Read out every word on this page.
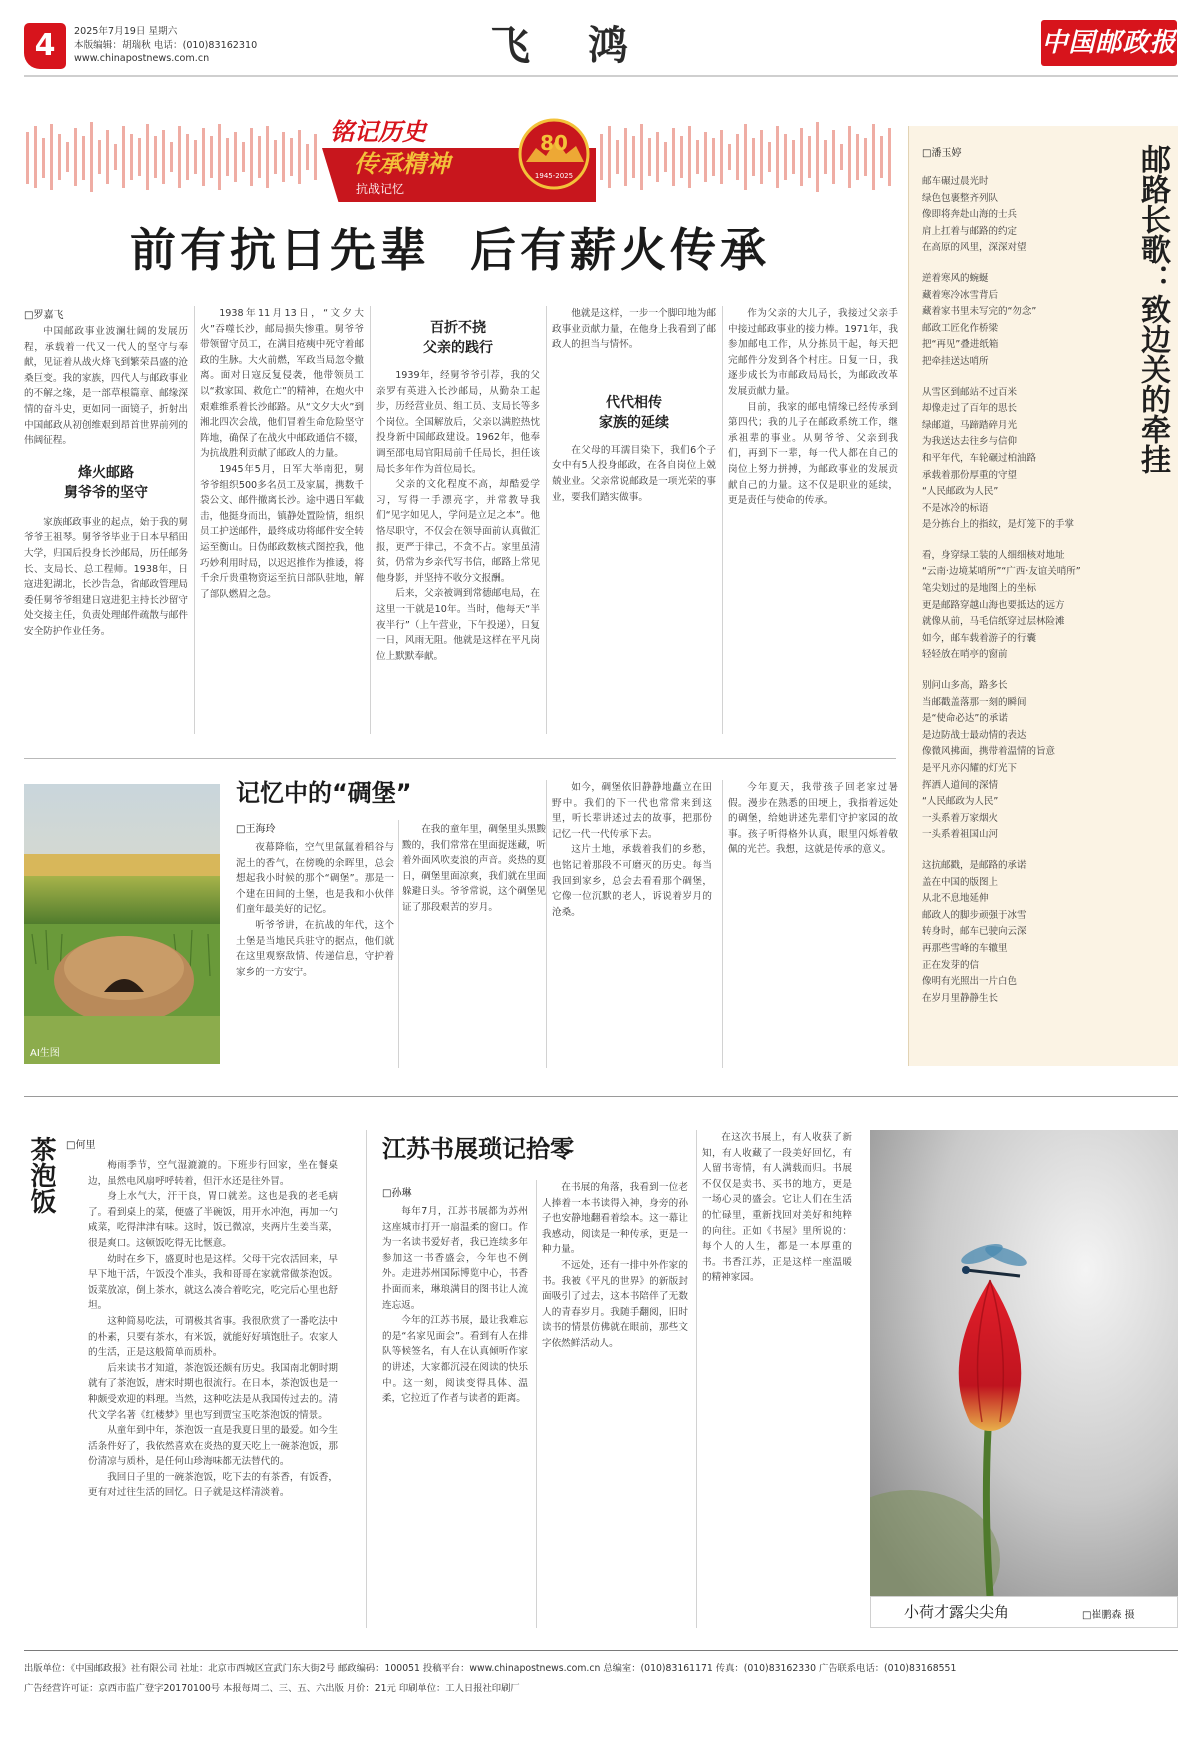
4	2025年7月19日 星期六
本版编辑：胡瑞秋 电话：(010)83162310
www.chinapostnews.com.cn	飞 鸿	中国邮政报
铭记历史
传承精神
抗战记忆
80
1945-2025
前有抗日先辈  后有薪火传承
□罗嘉飞

中国邮政事业波澜壮阔的发展历程，承载着一代又一代人的坚守与奉献，见证着从战火烽飞到繁荣昌盛的沧桑巨变。我的家族，四代人与邮政事业的不解之缘，是一部草根篇章、邮缘深情的奋斗史，更如同一面镜子，折射出中国邮政从初创维艰到昂首世界前列的伟阔征程。

烽火邮路
舅爷爷的坚守

家族邮政事业的起点，始于我的舅爷爷王祖琴。舅爷爷毕业于日本早稻田大学，归国后投身长沙邮局，历任邮务长、支局长、总工程师。1938年，日寇进犯湖北，长沙告急，省邮政管理局委任舅爷爷组建日寇进犯主持长沙留守处交接主任，负责处理邮件疏散与邮件安全防护作业任务。

1938年11月13日，“文夕大火”吞噬长沙，邮局损失惨重。舅爷爷带领留守员工，在满目疮痍中死守着邮政的生脉。大火前燃，军政当局忽令撤离。面对日寇反复侵袭，他带领员工以“救家国、救危亡”的精神，在炮火中艰难维系着长沙邮路。从“文夕大火”到湘北四次会战，他们冒着生命危险坚守阵地，确保了在战火中邮政通信不辍，为抗战胜利贡献了邮政人的力量。

1945年5月，日军大举南犯，舅爷爷组织500多名员工及家属，携数千袋公文、邮件撤离长沙。途中遇日军截击，他挺身而出，镇静处置险情，组织员工护送邮件，最终成功将邮件安全转运至衡山。日伪邮政数核式图控我，他巧妙利用时局，以迟迟推作为推诿，将千余斤贵重物资运至抗日部队驻地，解了部队燃眉之急。

百折不挠
父亲的践行

1939年，经舅爷爷引荐，我的父亲罗有英进入长沙邮局，从勤杂工起步，历经营业员、组工员、支局长等多个岗位。全国解放后，父亲以满腔热忱投身新中国邮政建设。1962年，他奉调至邵电局官阳局前千任局长，担任该局长多年作为首位局长。

父亲的文化程度不高，却酷爱学习，写得一手漂亮字，并常教导我们“见字如见人，学问是立足之本”。他恪尽职守，不仅会在领导面前认真做汇报，更严于律己，不贪不占。家里虽清贫，仍常为乡亲代写书信，邮路上常见他身影，并坚持不收分文报酬。

后来，父亲被调到常德邮电局，在这里一干就是10年。当时，他每天“半夜半行”（上午营业，下午投递），日复一日，风雨无阻。他就是这样在平凡岗位上默默奉献。

他就是这样，一步一个脚印地为邮政事业贡献力量，在他身上我看到了邮政人的担当与情怀。

代代相传
家族的延续

在父母的耳濡目染下，我们6个子女中有5人投身邮政，在各自岗位上兢兢业业。父亲常说邮政是一项光荣的事业，要我们踏实做事。

作为父亲的大儿子，我接过父亲手中接过邮政事业的接力棒。1971年，我参加邮电工作，从分拣员干起，每天把完邮件分发到各个村庄。日复一日，我逐步成长为市邮政局局长，为邮政改革发展贡献力量。

目前，我家的邮电情缘已经传承到第四代；我的儿子在邮政系统工作，继承祖辈的事业。从舅爷爷、父亲到我们，再到下一辈，每一代人都在自己的岗位上努力拼搏，为邮政事业的发展贡献自己的力量。这不仅是职业的延续，更是责任与使命的传承。

邮路长歌：致边关的牵挂
□潘玉婷
邮车碾过晨光时
绿色包裹整齐列队
像即将奔赴山海的士兵
肩上扛着与邮路的约定
在高原的风里，深深对望
逆着寒风的蜿蜒
藏着寒冷冰雪背后
藏着家书里未写完的“勿念”
邮政工匠化作桥梁
把“再见”叠进纸箱
把牵挂送达哨所
从雪区到邮站不过百米
却像走过了百年的思长
绿邮道，马蹄踏碎月光
为我送达去往乡与信仰
和平年代，车轮碾过柏油路
承载着那份厚重的守望
“人民邮政为人民”
不是冰冷的标语
是分拣台上的指纹，是灯笼下的手掌
看，身穿绿工装的人细细核对地址
“云南·边境某哨所”“广西·友谊关哨所”
笔尖划过的是地图上的坐标
更是邮路穿越山海也要抵达的远方
就像从前，马毛信纸穿过层林险滩
如今，邮车载着游子的行囊
轻轻放在哨亭的窗前
别问山多高，路多长
当邮戳盖落那一刻的瞬间
是“使命必达”的承诺
是边防战士最动情的表达
像微风拂面，携带着温情的旨意
是平凡亦闪耀的灯光下
挥洒人道间的深情
“人民邮政为人民”
一头系着万家烟火
一头系着祖国山河
这抗邮戳，是邮路的承诺
盖在中国的版图上
从北不息地延伸
邮政人的脚步顽强于冰雪
转身时，邮车已驶向云深
再那些雪峰的车辙里
正在发芽的信
像明有光照出一片白色
在岁月里静静生长
AI生图
记忆中的“碉堡”
□王海玲

夜幕降临，空气里氤氲着稻谷与泥土的香气，在傍晚的余晖里，总会想起我小时候的那个“碉堡”。那是一个建在田间的土堡，也是我和小伙伴们童年最美好的记忆。

听爷爷讲，在抗战的年代，这个土堡是当地民兵驻守的据点，他们就在这里观察敌情、传递信息，守护着家乡的一方安宁。

在我的童年里，碉堡里头黑黢黢的，我们常常在里面捉迷藏，听着外面风吹麦浪的声音。炎热的夏日，碉堡里面凉爽，我们就在里面躲避日头。爷爷常说，这个碉堡见证了那段艰苦的岁月。

如今，碉堡依旧静静地矗立在田野中。我们的下一代也常常来到这里，听长辈讲述过去的故事，把那份记忆一代一代传承下去。

这片土地，承载着我们的乡愁，也铭记着那段不可磨灭的历史。每当我回到家乡，总会去看看那个碉堡，它像一位沉默的老人，诉说着岁月的沧桑。

今年夏天，我带孩子回老家过暑假。漫步在熟悉的田埂上，我指着远处的碉堡，给她讲述先辈们守护家园的故事。孩子听得格外认真，眼里闪烁着敬佩的光芒。我想，这就是传承的意义。

茶泡饭 □何里

梅雨季节，空气湿漉漉的。下班步行回家，坐在餐桌边，虽然电风扇呼呼转着，但汗水还是往外冒。

身上水气大，汗干良，胃口就差。这也是我的老毛病了。看到桌上的菜，便盛了半碗饭，用开水冲泡，再加一勺咸菜，吃得津津有味。这时，饭已微凉，夹两片生姜当菜，很是爽口。这顿饭吃得无比惬意。

幼时在乡下，盛夏时也是这样。父母干完农活回来，早早下地干活，午饭没个准头，我和哥哥在家就常做茶泡饭。饭菜放凉，倒上茶水，就这么凑合着吃完，吃完后心里也舒坦。

这种简易吃法，可谓极其省事。我很欣赏了一番吃法中的朴素，只要有茶水，有米饭，就能好好填饱肚子。农家人的生活，正是这般简单而质朴。

后来读书才知道，茶泡饭还颇有历史。我国南北朝时期就有了茶泡饭，唐宋时期也很流行。在日本，茶泡饭也是一种颇受欢迎的料理。当然，这种吃法是从我国传过去的。清代文学名著《红楼梦》里也写到贾宝玉吃茶泡饭的情景。

从童年到中年，茶泡饭一直是我夏日里的最爱。如今生活条件好了，我依然喜欢在炎热的夏天吃上一碗茶泡饭，那份清凉与质朴，是任何山珍海味都无法替代的。

我回日子里的一碗茶泡饭，吃下去的有茶香，有饭香，更有对过往生活的回忆。日子就是这样清淡着。

江苏书展琐记拾零
□孙琳

每年7月，江苏书展都为苏州这座城市打开一扇温柔的窗口。作为一名读书爱好者，我已连续多年参加这一书香盛会，今年也不例外。走进苏州国际博览中心，书香扑面而来，琳琅满目的图书让人流连忘返。

今年的江苏书展，最让我难忘的是“名家见面会”。看到有人在排队等候签名，有人在认真倾听作家的讲述，大家都沉浸在阅读的快乐中。这一刻，阅读变得具体、温柔，它拉近了作者与读者的距离。

在书展的角落，我看到一位老人捧着一本书读得入神，身旁的孙子也安静地翻看着绘本。这一幕让我感动，阅读是一种传承，更是一种力量。

不远处，还有一排中外作家的书。我被《平凡的世界》的新版封面吸引了过去，这本书陪伴了无数人的青春岁月。我随手翻阅，旧时读书的情景仿佛就在眼前，那些文字依然鲜活动人。

在这次书展上，有人收获了新知，有人收藏了一段美好回忆，有人留书寄情，有人满载而归。书展不仅仅是卖书、买书的地方，更是一场心灵的盛会。它让人们在生活的忙碌里，重新找回对美好和纯粹的向往。正如《书屋》里所说的：每个人的人生，都是一本厚重的书。书香江苏，正是这样一座温暖的精神家园。

小荷才露尖尖角	□崔鹏森 摄
出版单位：《中国邮政报》社有限公司 社址：北京市西城区宣武门东大街2号 邮政编码：100051 投稿平台：www.chinapostnews.com.cn 总编室：(010)83161171 传真：(010)83162330 广告联系电话：(010)83168551
广告经营许可证：京西市监广登字20170100号 本报每周二、三、五、六出版 月价：21元 印刷单位：工人日报社印刷厂
